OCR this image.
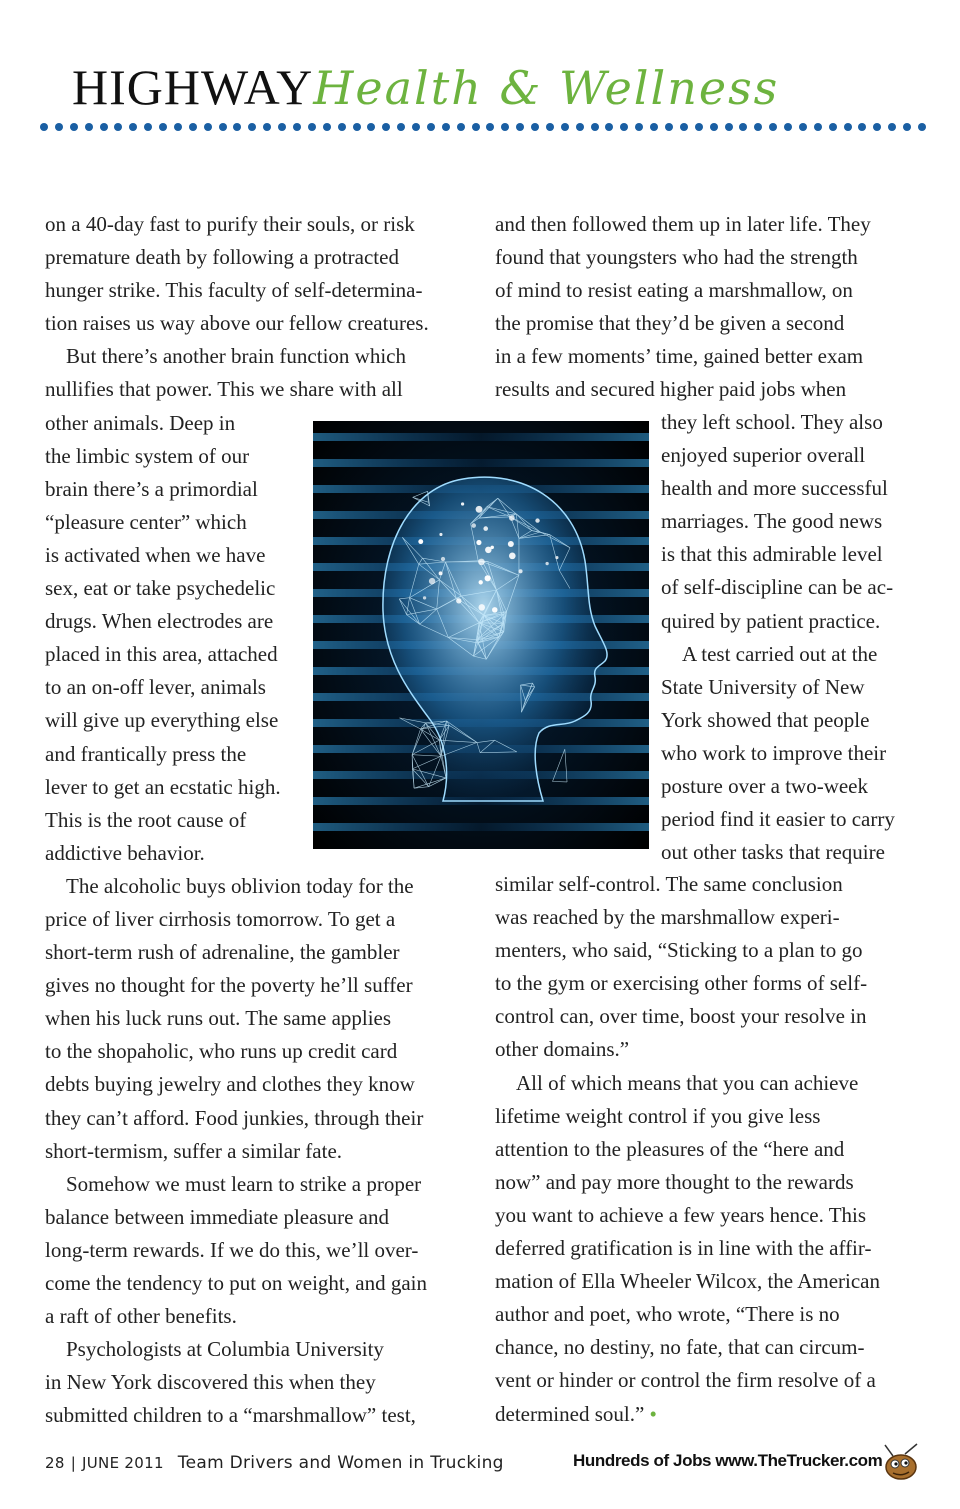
HIGHWAYHealth & Wellness
on a 40-day fast to purify their souls, or risk
premature death by following a protracted
hunger strike. This faculty of self-determina-
tion raises us way above our fellow creatures.
 But there’s another brain function which
nullifies that power. This we share with all
other animals. Deep in
the limbic system of our
brain there’s a primordial
“pleasure center” which
is activated when we have
sex, eat or take psychedelic
drugs. When electrodes are
placed in this area, attached
to an on-off lever, animals
will give up everything else
and frantically press the
lever to get an ecstatic high.
This is the root cause of
addictive behavior.
 The alcoholic buys oblivion today for the
price of liver cirrhosis tomorrow. To get a
short-term rush of adrenaline, the gambler
gives no thought for the poverty he’ll suffer
when his luck runs out. The same applies
to the shopaholic, who runs up credit card
debts buying jewelry and clothes they know
they can’t afford. Food junkies, through their
short-termism, suffer a similar fate.
 Somehow we must learn to strike a proper
balance between immediate pleasure and
long-term rewards. If we do this, we’ll over-
come the tendency to put on weight, and gain
a raft of other benefits.
 Psychologists at Columbia University
in New York discovered this when they
submitted children to a “marshmallow” test,
and then followed them up in later life. They
found that youngsters who had the strength
of mind to resist eating a marshmallow, on
the promise that they’d be given a second
in a few moments’ time, gained better exam
results and secured higher paid jobs when
they left school. They also
enjoyed superior overall
health and more successful
marriages. The good news
is that this admirable level
of self-discipline can be ac-
quired by patient practice.
 A test carried out at the
State University of New
York showed that people
who work to improve their
posture over a two-week
period find it easier to carry
out other tasks that require
similar self-control. The same conclusion
was reached by the marshmallow experi-
menters, who said, “Sticking to a plan to go
to the gym or exercising other forms of self-
control can, over time, boost your resolve in
other domains.”
 All of which means that you can achieve
lifetime weight control if you give less
attention to the pleasures of the “here and
now” and pay more thought to the rewards
you want to achieve a few years hence. This
deferred gratification is in line with the affir-
mation of Ella Wheeler Wilcox, the American
author and poet, who wrote, “There is no
chance, no destiny, no fate, that can circum-
vent or hinder or control the firm resolve of a
determined soul.” •
28 | JUNE 2011 Team Drivers and Women in Trucking	Hundreds of Jobs www.TheTrucker.com
